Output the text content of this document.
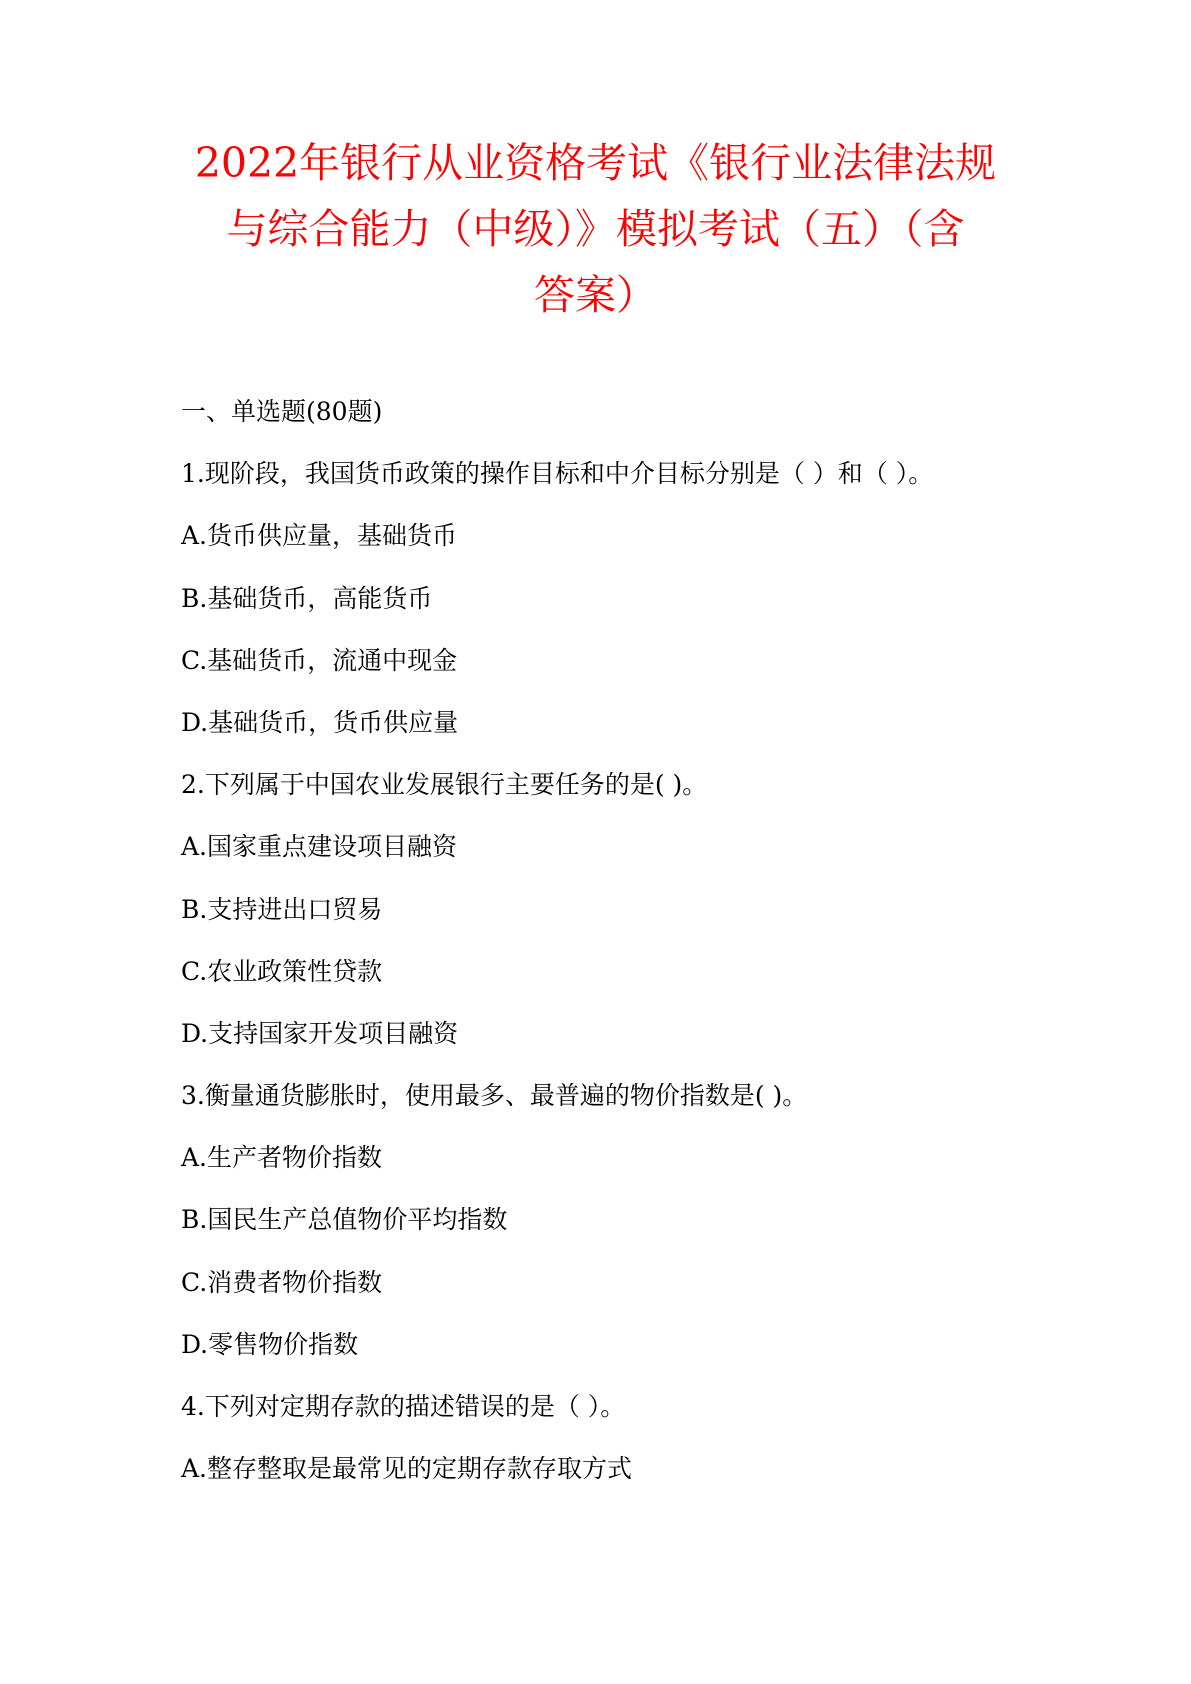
2022年银行从业资格考试《银行业法律法规
与综合能力（中级）》模拟考试（五）（含
答案）
一、单选题(80题)
1.现阶段，我国货币政策的操作目标和中介目标分别是（ ）和（ ）。
A.货币供应量，基础货币
B.基础货币，高能货币
C.基础货币，流通中现金
D.基础货币，货币供应量
2.下列属于中国农业发展银行主要任务的是( )。
A.国家重点建设项目融资
B.支持进出口贸易
C.农业政策性贷款
D.支持国家开发项目融资
3.衡量通货膨胀时，使用最多、最普遍的物价指数是( )。
A.生产者物价指数
B.国民生产总值物价平均指数
C.消费者物价指数
D.零售物价指数
4.下列对定期存款的描述错误的是（ ）。
A.整存整取是最常见的定期存款存取方式
